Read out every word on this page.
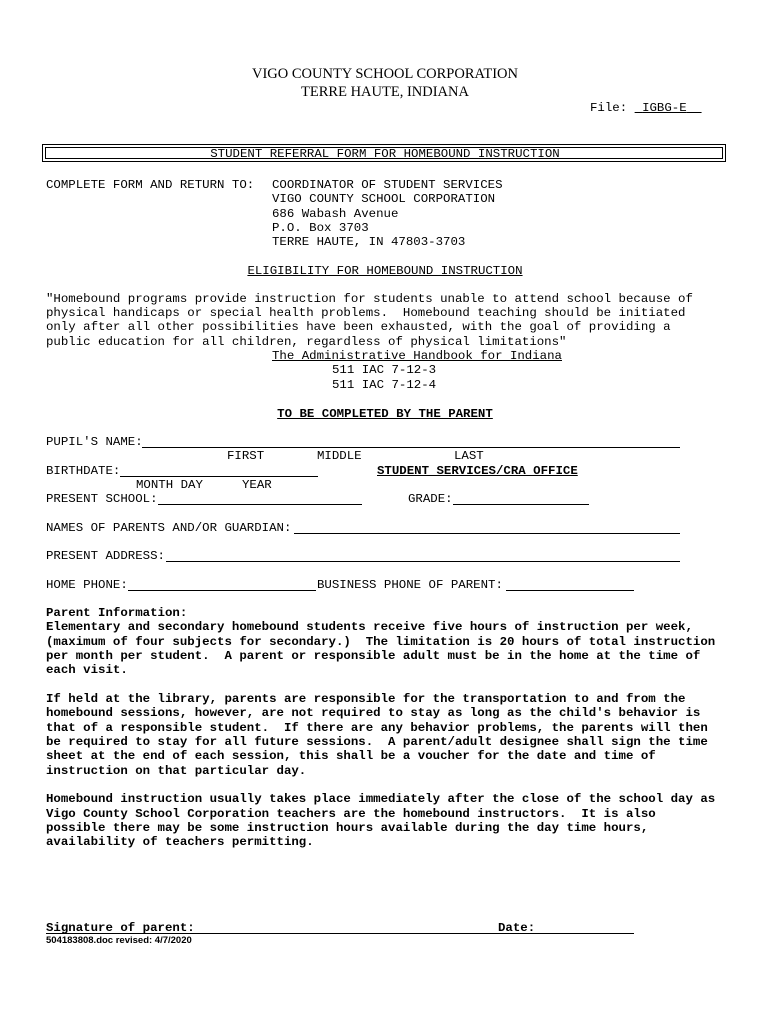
VIGO COUNTY SCHOOL CORPORATION
TERRE HAUTE, INDIANA
File: IGBG-E
STUDENT REFERRAL FORM FOR HOMEBOUND INSTRUCTION
COMPLETE FORM AND RETURN TO: COORDINATOR OF STUDENT SERVICES
VIGO COUNTY SCHOOL CORPORATION
686 Wabash Avenue
P.O. Box 3703
TERRE HAUTE, IN 47803-3703
ELIGIBILITY FOR HOMEBOUND INSTRUCTION
"Homebound programs provide instruction for students unable to attend school because of
physical handicaps or special health problems.  Homebound teaching should be initiated
only after all other possibilities have been exhausted, with the goal of providing a
public education for all children, regardless of physical limitations"
The Administrative Handbook for Indiana
511 IAC 7-12-3
511 IAC 7-12-4
TO BE COMPLETED BY THE PARENT
PUPIL'S NAME:
FIRST	MIDDLE	LAST
BIRTHDATE:	STUDENT SERVICES/CRA OFFICE
MONTH DAY	YEAR
PRESENT SCHOOL:	GRADE:
NAMES OF PARENTS AND/OR GUARDIAN:
PRESENT ADDRESS:
HOME PHONE:	BUSINESS PHONE OF PARENT:
Parent Information:
Elementary and secondary homebound students receive five hours of instruction per week,
(maximum of four subjects for secondary.)  The limitation is 20 hours of total instruction
per month per student.  A parent or responsible adult must be in the home at the time of
each visit.
If held at the library, parents are responsible for the transportation to and from the
homebound sessions, however, are not required to stay as long as the child's behavior is
that of a responsible student.  If there are any behavior problems, the parents will then
be required to stay for all future sessions.  A parent/adult designee shall sign the time
sheet at the end of each session, this shall be a voucher for the date and time of
instruction on that particular day.
Homebound instruction usually takes place immediately after the close of the school day as
Vigo County School Corporation teachers are the homebound instructors.  It is also
possible there may be some instruction hours available during the day time hours,
availability of teachers permitting.
Signature of parent:	Date:
504183808.doc revised: 4/7/2020
